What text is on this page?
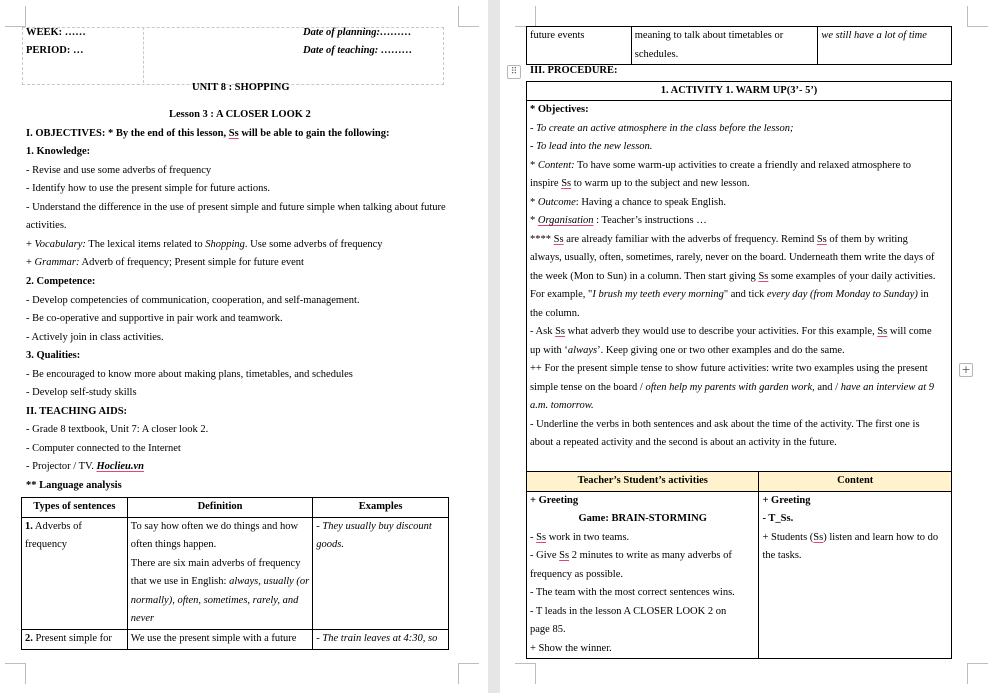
WEEK: ……
PERIOD: …
Date of planning:………
Date of teaching: ………
UNIT 8 : SHOPPING
Lesson 3 : A CLOSER LOOK 2
I. OBJECTIVES: * By the end of this lesson, Ss will be able to gain the following:
1. Knowledge:
- Revise and use some adverbs of frequency
- Identify how to use the present simple for future actions.
- Understand the difference in the use of present simple and future simple when talking about future
activities.
+ Vocabulary: The lexical items related to Shopping. Use some adverbs of frequency
+ Grammar: Adverb of frequency; Present simple for future event
2. Competence:
- Develop competencies of communication, cooperation, and self-management.
- Be co-operative and supportive in pair work and teamwork.
- Actively join in class activities.
3. Qualities:
- Be encouraged to know more about making plans, timetables, and schedules
- Develop self-study skills
II. TEACHING AIDS:
- Grade 8 textbook, Unit 7: A closer look 2.
- Computer connected to the Internet
- Projector / TV. Hoclieu.vn
** Language analysis
Types of sentences	Definition	Examples
1. Adverbs of frequency	To say how often we do things and how often things happen.
There are six main adverbs of frequency that we use in English: always, usually (or normally), often, sometimes, rarely, and never	- They usually buy discount goods.
2. Present simple for	We use the present simple with a future	- The train leaves at 4:30, so
future events	meaning to talk about timetables or schedules.	we still have a lot of time
⠿	III. PROCEDURE:
1. ACTIVITY 1. WARM UP(3’- 5’)
* Objectives:
- To create an active atmosphere in the class before the lesson;
- To lead into the new lesson.
* Content: To have some warm-up activities to create a friendly and relaxed atmosphere to
inspire Ss to warm up to the subject and new lesson.
* Outcome: Having a chance to speak English.
* Organisation : Teacher’s instructions …
**** Ss are already familiar with the adverbs of frequency. Remind Ss of them by writing
always, usually, often, sometimes, rarely, never on the board. Underneath them write the days of
the week (Mon to Sun) in a column. Then start giving Ss some examples of your daily activities.
For example, "I brush my teeth every morning" and tick every day (from Monday to Sunday) in
the column.
- Ask Ss what adverb they would use to describe your activities. For this example, Ss will come
up with ‘always’. Keep giving one or two other examples and do the same.
++ For the present simple tense to show future activities: write two examples using the present
simple tense on the board / often help my parents with garden work, and / have an interview at 9
a.m. tomorrow.
- Underline the verbs in both sentences and ask about the time of the activity. The first one is
about a repeated activity and the second is about an activity in the future.
+
Teacher’s Student’s activities	Content

+ Greeting
Game: BRAIN-STORMING
- Ss work in two teams.
- Give Ss 2 minutes to write as many adverbs of
frequency as possible.
- The team with the most correct sentences wins.
- T leads in the lesson A CLOSER LOOK 2 on
page 85.
+ Show the winner.

+ Greeting
- T_Ss.
+ Students (Ss) listen and learn how to do
the tasks.
